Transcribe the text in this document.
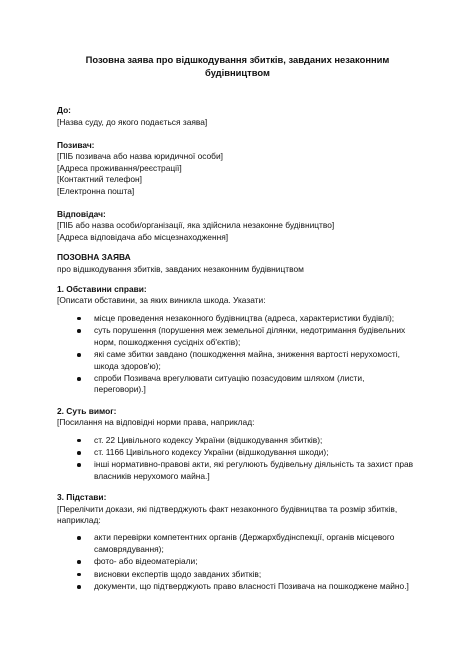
Позовна заява про відшкодування збитків, завданих незаконним будівництвом

До:

[Назва суду, до якого подається заява]

Позивач:

[ПІБ позивача або назва юридичної особи]

[Адреса проживання/реєстрації]

[Контактний телефон]

[Електронна пошта]

Відповідач:

[ПІБ або назва особи/організації, яка здійснила незаконне будівництво]

[Адреса відповідача або місцезнаходження]

ПОЗОВНА ЗАЯВА

про відшкодування збитків, завданих незаконним будівництвом

1. Обставини справи:

[Описати обставини, за яких виникла шкода. Указати:

місце проведення незаконного будівництва (адреса, характеристики будівлі);
суть порушення (порушення меж земельної ділянки, недотримання будівельних норм, пошкодження сусідніх об'єктів);
які саме збитки завдано (пошкодження майна, зниження вартості нерухомості, шкода здоров'ю);
спроби Позивача врегулювати ситуацію позасудовим шляхом (листи, переговори).]

2. Суть вимог:

[Посилання на відповідні норми права, наприклад:

ст. 22 Цивільного кодексу України (відшкодування збитків);
ст. 1166 Цивільного кодексу України (відшкодування шкоди);
інші нормативно-правові акти, які регулюють будівельну діяльність та захист прав власників нерухомого майна.]

3. Підстави:

[Перелічити докази, які підтверджують факт незаконного будівництва та розмір збитків, наприклад:

акти перевірки компетентних органів (Держархбудінспекції, органів місцевого самоврядування);
фото- або відеоматеріали;
висновки експертів щодо завданих збитків;
документи, що підтверджують право власності Позивача на пошкоджене майно.]
